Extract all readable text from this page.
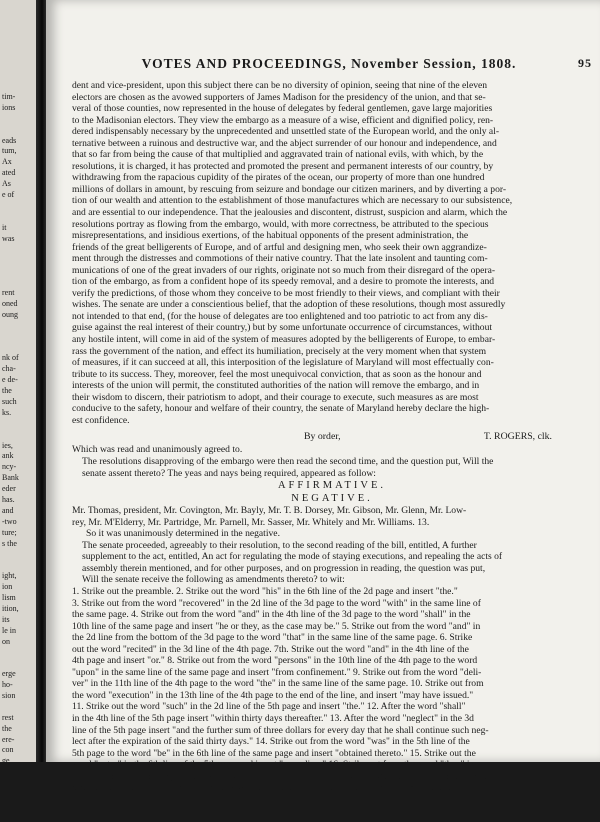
tim-
ions
eads
tum,
Ax
ated
As
e of
it
was
rent
oned
oung
nk of
cha-
e de-
the
such
ks.
ies,
ank
ncy-
Bank
eder
has.
and
-two
ture;
s the
ight,
ion
lism
ition,
its
le in
on
erge
ho-
sion
rest
the
ere-
con
ge
rse
VOTES AND PROCEEDINGS, November Session, 1808.	95

dent and vice-president, upon this subject there can be no diversity of opinion, seeing that nine of the eleven
electors are chosen as the avowed supporters of James Madison for the presidency of the union, and that se-
veral of those counties, now represented in the house of delegates by federal gentlemen, gave large majorities
to the Madisonian electors. They view the embargo as a measure of a wise, efficient and dignified policy, ren-
dered indispensably necessary by the unprecedented and unsettled state of the European world, and the only al-
ternative between a ruinous and destructive war, and the abject surrender of our honour and independence, and
that so far from being the cause of that multiplied and aggravated train of national evils, with which, by the
resolutions, it is charged, it has protected and promoted the present and permanent interests of our country, by
withdrawing from the rapacious cupidity of the pirates of the ocean, our property of more than one hundred
millions of dollars in amount, by rescuing from seizure and bondage our citizen mariners, and by diverting a por-
tion of our wealth and attention to the establishment of those manufactures which are necessary to our subsistence,
and are essential to our independence. That the jealousies and discontent, distrust, suspicion and alarm, which the
resolutions portray as flowing from the embargo, would, with more correctness, be attributed to the specious
misrepresentations, and insidious exertions, of the habitual opponents of the present administration, the
friends of the great belligerents of Europe, and of artful and designing men, who seek their own aggrandize-
ment through the distresses and commotions of their native country. That the late insolent and taunting com-
munications of one of the great invaders of our rights, originate not so much from their disregard of the opera-
tion of the embargo, as from a confident hope of its speedy removal, and a desire to promote the interests, and
verify the predictions, of those whom they conceive to be most friendly to their views, and compliant with their
wishes. The senate are under a conscientious belief, that the adoption of these resolutions, though most assuredly
not intended to that end, (for the house of delegates are too enlightened and too patriotic to act from any dis-
guise against the real interest of their country,) but by some unfortunate occurrence of circumstances, without
any hostile intent, will come in aid of the system of measures adopted by the belligerents of Europe, to embar-
rass the government of the nation, and effect its humiliation, precisely at the very moment when that system
of measures, if it can succeed at all, this interposition of the legislature of Maryland will most effectually con-
tribute to its success. They, moreover, feel the most unequivocal conviction, that as soon as the honour and
interests of the union will permit, the constituted authorities of the nation will remove the embargo, and in
their wisdom to discern, their patriotism to adopt, and their courage to execute, such measures as are most
conducive to the safety, honour and welfare of their country, the senate of Maryland hereby declare the high-
est confidence.

By order,	T. ROGERS, clk.
Which was read and unanimously agreed to.

The resolutions disapproving of the embargo were then read the second time, and the question put, Will the
senate assent thereto? The yeas and nays being required, appeared as follow:

AFFIRMATIVE.
NEGATIVE.

Mr. Thomas, president, Mr. Covington, Mr. Bayly, Mr. T. B. Dorsey, Mr. Gibson, Mr. Glenn, Mr. Low-
rey, Mr. M'Elderry, Mr. Partridge, Mr. Parnell, Mr. Sasser, Mr. Whitely and Mr. Williams. 13.

So it was unanimously determined in the negative.

The senate proceeded, agreeably to their resolution, to the second reading of the bill, entitled, A further
supplement to the act, entitled, An act for regulating the mode of staying executions, and repealing the acts of
assembly therein mentioned, and for other purposes, and on progression in reading, the question was put,
Will the senate receive the following as amendments thereto? to wit:

1. Strike out the preamble. 2. Strike out the word "his" in the 6th line of the 2d page and insert "the."
3. Strike out from the word "recovered" in the 2d line of the 3d page to the word "with" in the same line of
the same page. 4. Strike out from the word "and" in the 4th line of the 3d page to the word "shall" in the
10th line of the same page and insert "he or they, as the case may be." 5. Strike out from the word "and" in
the 2d line from the bottom of the 3d page to the word "that" in the same line of the same page. 6. Strike
out the word "recited" in the 3d line of the 4th page. 7th. Strike out the word "and" in the 4th line of the
4th page and insert "or." 8. Strike out from the word "persons" in the 10th line of the 4th page to the word
"upon" in the same line of the same page and insert "from confinement." 9. Strike out from the word "deli-
ver" in the 11th line of the 4th page to the word "the" in the same line of the same page. 10. Strike out from
the word "execution" in the 13th line of the 4th page to the end of the line, and insert "may have issued."
11. Strike out the word "such" in the 2d line of the 5th page and insert "the." 12. After the word "shall"
in the 4th line of the 5th page insert "within thirty days thereafter." 13. After the word "neglect" in the 3d
line of the 5th page insert "and the further sum of three dollars for every day that he shall continue such neg-
lect after the expiration of the said thirty days." 14. Strike out from the word "was" in the 5th line of the
5th page to the word "be" in the 6th line of the same page and insert "obtained thereto." 15. Strike out the
word "entry" in the 6th line of the 5th page and insert "recording." 16. Strike out from the word "then" in
the 11th line of the 5th page to the word "which" in the 12th line of the same page and insert "such confession
shall be returned to the clerk of the county where the said justice may reside, to be by him recorded
